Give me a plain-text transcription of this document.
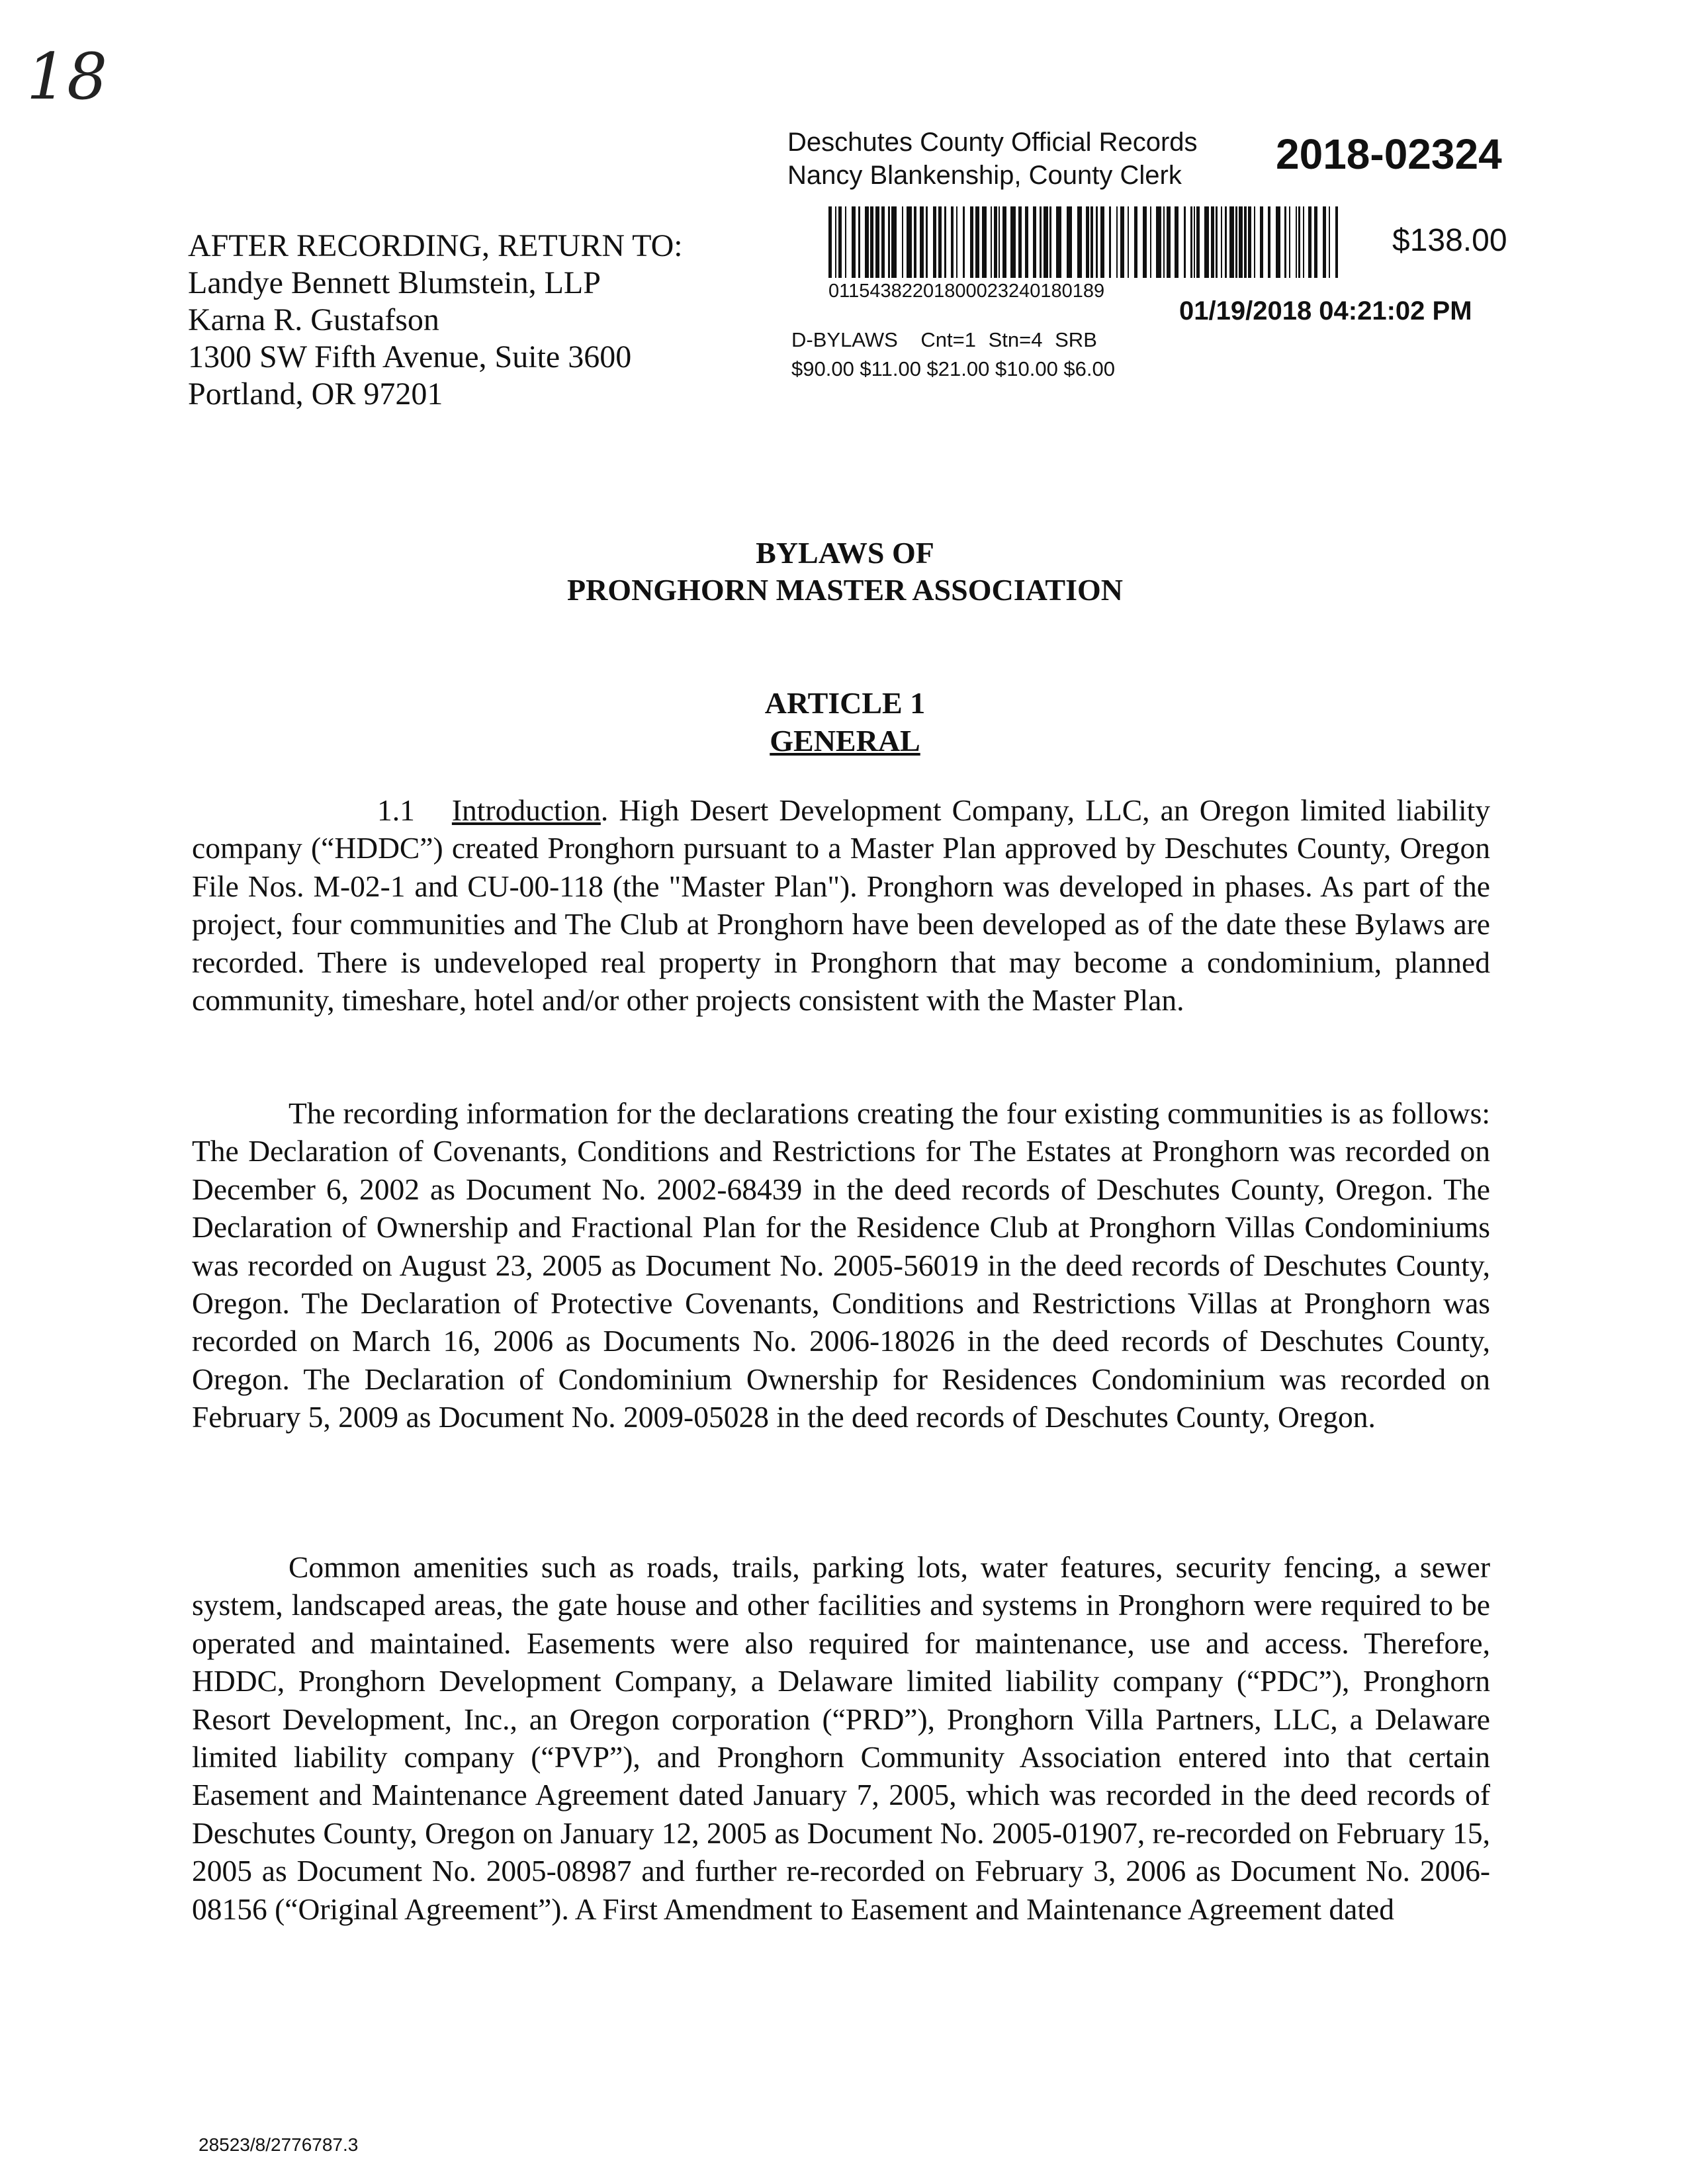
18
Deschutes County Official Records
Nancy Blankenship, County Clerk	2018-02324
01154382201800023240180189
$138.00
01/19/2018 04:21:02 PM
D-BYLAWS Cnt=1 Stn=4 SRB
$90.00 $11.00 $21.00 $10.00 $6.00
AFTER RECORDING, RETURN TO:
Landye Bennett Blumstein, LLP
Karna R. Gustafson
1300 SW Fifth Avenue, Suite 3600
Portland, OR 97201
BYLAWS OF
PRONGHORN MASTER ASSOCIATION
ARTICLE 1
GENERAL
1.1 Introduction. High Desert Development Company, LLC, an Oregon limited liability company (“HDDC”) created Pronghorn pursuant to a Master Plan approved by Deschutes County, Oregon File Nos. M-02-1 and CU-00-118 (the "Master Plan"). Pronghorn was developed in phases. As part of the project, four communities and The Club at Pronghorn have been developed as of the date these Bylaws are recorded. There is undeveloped real property in Pronghorn that may become a condominium, planned community, timeshare, hotel and/or other projects consistent with the Master Plan.
The recording information for the declarations creating the four existing communities is as follows: The Declaration of Covenants, Conditions and Restrictions for The Estates at Pronghorn was recorded on December 6, 2002 as Document No. 2002-68439 in the deed records of Deschutes County, Oregon. The Declaration of Ownership and Fractional Plan for the Residence Club at Pronghorn Villas Condominiums was recorded on August 23, 2005 as Document No. 2005-56019 in the deed records of Deschutes County, Oregon. The Declaration of Protective Covenants, Conditions and Restrictions Villas at Pronghorn was recorded on March 16, 2006 as Documents No. 2006-18026 in the deed records of Deschutes County, Oregon. The Declaration of Condominium Ownership for Residences Condominium was recorded on February 5, 2009 as Document No. 2009-05028 in the deed records of Deschutes County, Oregon.
Common amenities such as roads, trails, parking lots, water features, security fencing, a sewer system, landscaped areas, the gate house and other facilities and systems in Pronghorn were required to be operated and maintained. Easements were also required for maintenance, use and access. Therefore, HDDC, Pronghorn Development Company, a Delaware limited liability company (“PDC”), Pronghorn Resort Development, Inc., an Oregon corporation (“PRD”), Pronghorn Villa Partners, LLC, a Delaware limited liability company (“PVP”), and Pronghorn Community Association entered into that certain Easement and Maintenance Agreement dated January 7, 2005, which was recorded in the deed records of Deschutes County, Oregon on January 12, 2005 as Document No. 2005-01907, re-recorded on February 15, 2005 as Document No. 2005-08987 and further re-recorded on February 3, 2006 as Document No. 2006-08156 (“Original Agreement”). A First Amendment to Easement and Maintenance Agreement dated
28523/8/2776787.3
